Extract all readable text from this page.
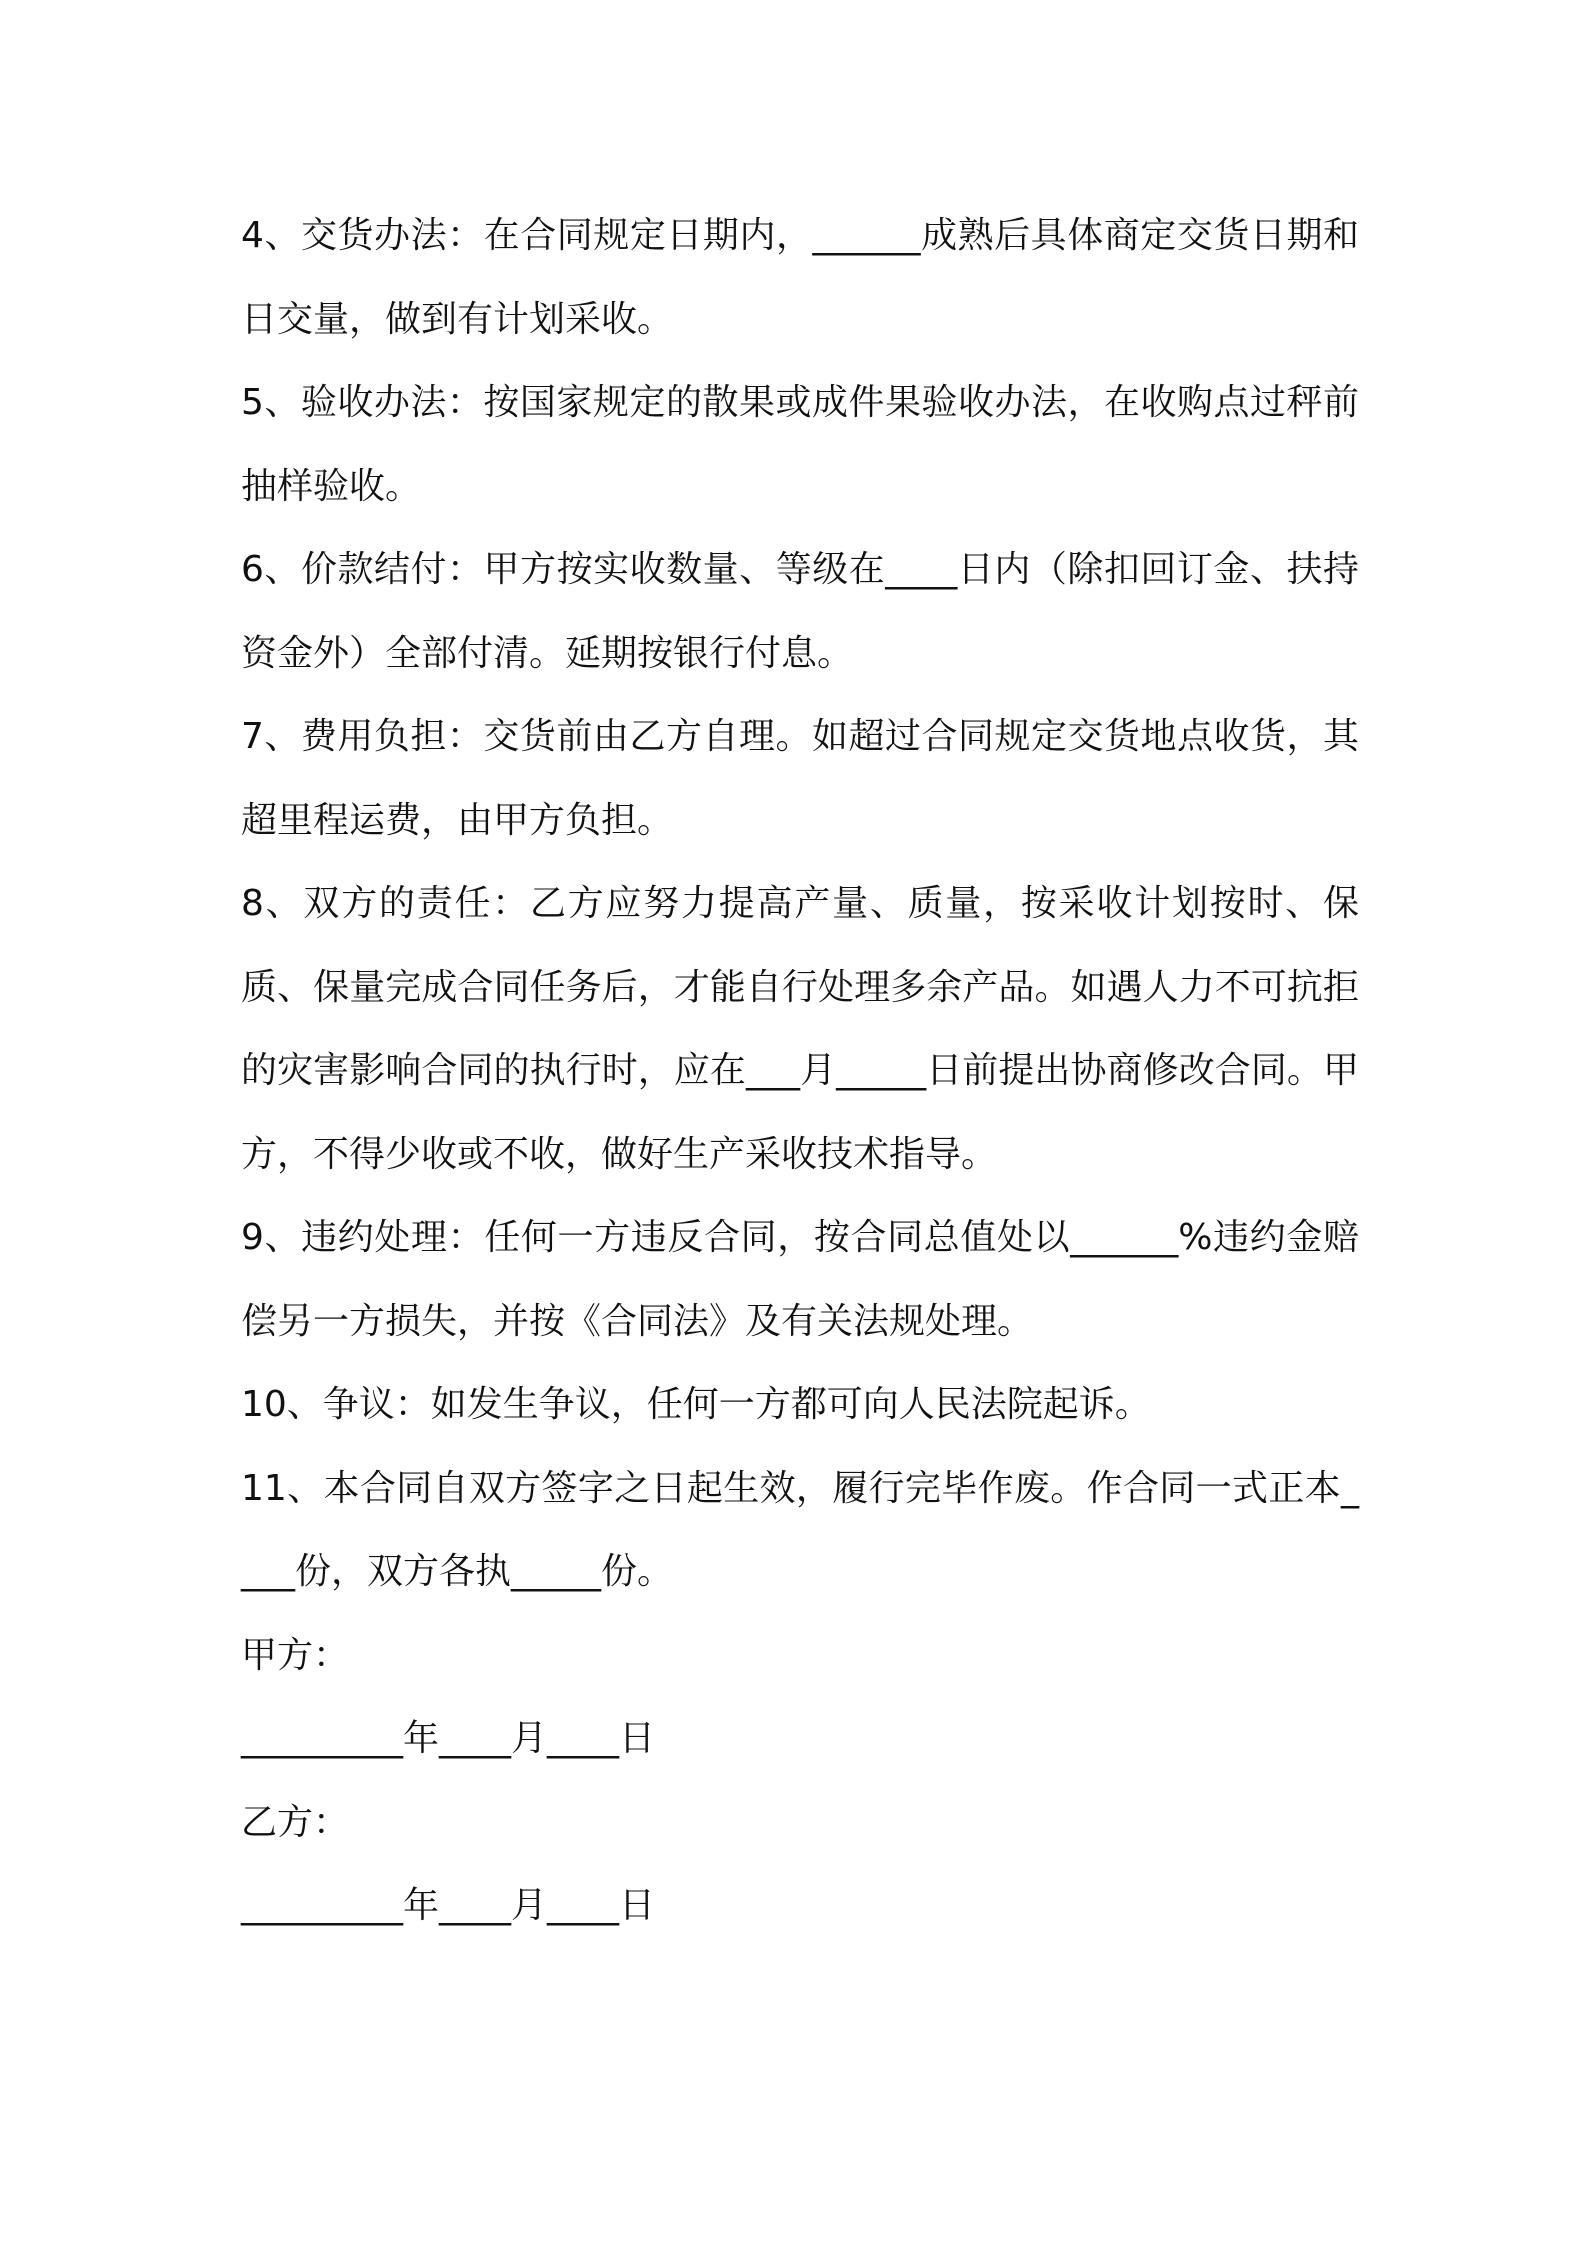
4、交货办法：在合同规定日期内，______成熟后具体商定交货日期和日交量，做到有计划采收。

5、验收办法：按国家规定的散果或成件果验收办法，在收购点过秤前抽样验收。

6、价款结付：甲方按实收数量、等级在____日内（除扣回订金、扶持资金外）全部付清。延期按银行付息。

7、费用负担：交货前由乙方自理。如超过合同规定交货地点收货，其超里程运费，由甲方负担。

8、双方的责任：乙方应努力提高产量、质量，按采收计划按时、保质、保量完成合同任务后，才能自行处理多余产品。如遇人力不可抗拒的灾害影响合同的执行时，应在___月_____日前提出协商修改合同。甲方，不得少收或不收，做好生产采收技术指导。

9、违约处理：任何一方违反合同，按合同总值处以______%违约金赔偿另一方损失，并按《合同法》及有关法规处理。

10、争议：如发生争议，任何一方都可向人民法院起诉。

11、本合同自双方签字之日起生效，履行完毕作废。作合同一式正本____份，双方各执_____份。

甲方：

_________年____月____日

乙方：

_________年____月____日
